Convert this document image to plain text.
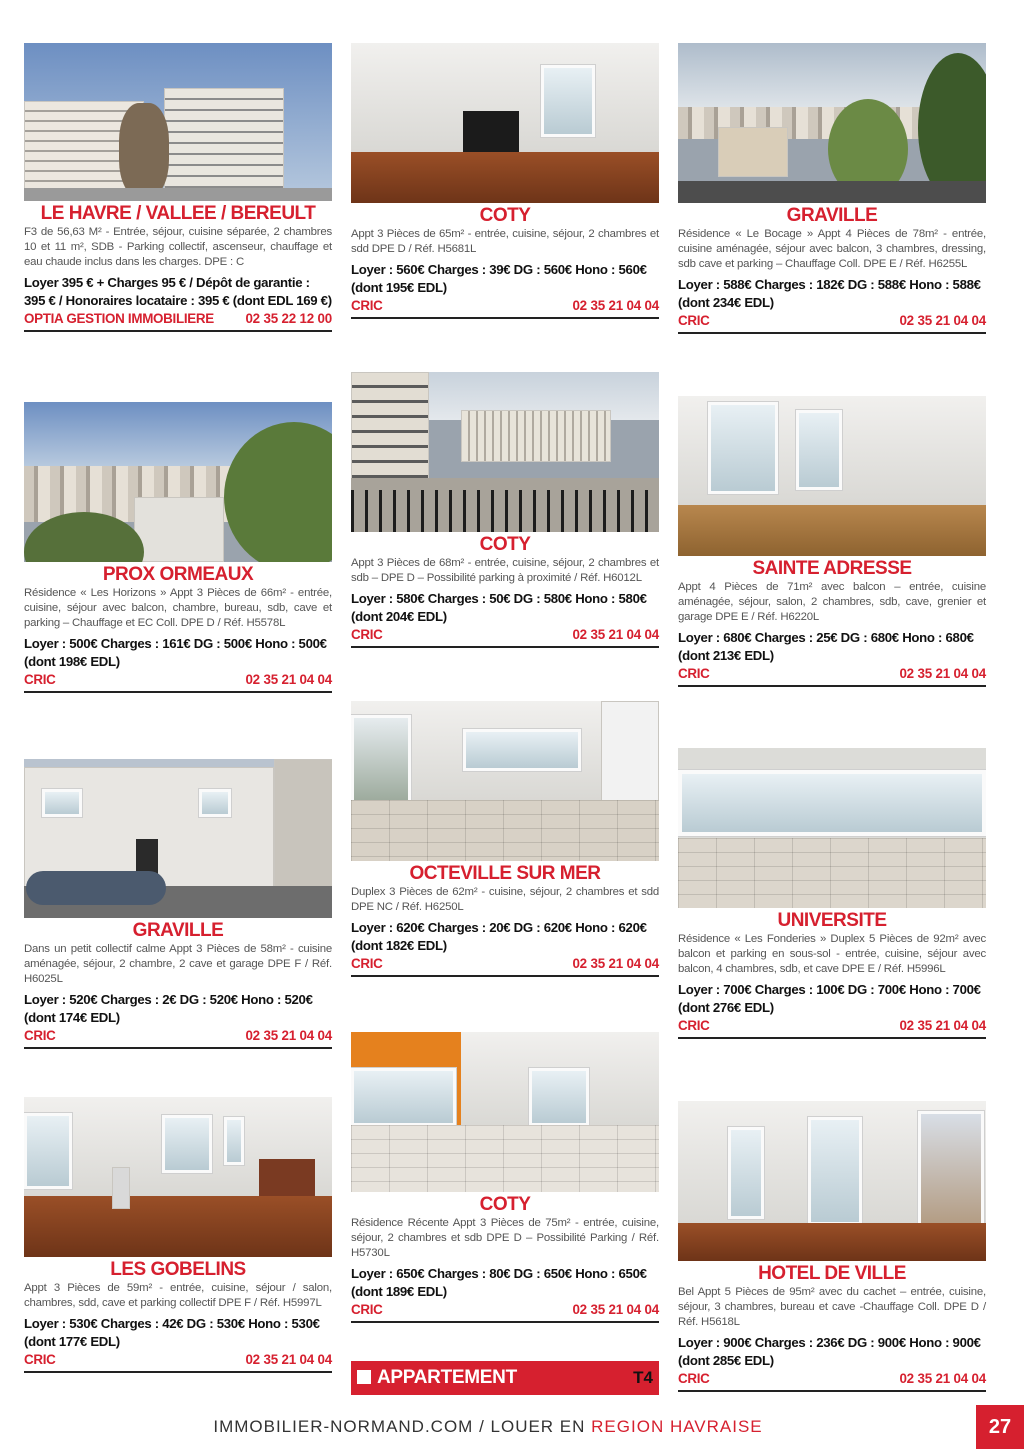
LE HAVRE / VALLEE / BEREULT

F3 de 56,63 M² - Entrée, séjour, cuisine séparée, 2 chambres 10 et 11 m², SDB - Parking collectif, ascenseur, chauffage et eau chaude inclus dans les charges. DPE : C

Loyer 395 € + Charges 95 € / Dépôt de garantie : 395 € / Honoraires locataire : 395 € (dont EDL 169 €)

OPTIA GESTION IMMOBILIERE 02 35 22 12 00
PROX ORMEAUX

Résidence « Les Horizons » Appt 3 Pièces de 66m² - entrée, cuisine, séjour avec balcon, chambre, bureau, sdb, cave et parking – Chauffage et EC Coll. DPE D / Réf. H5578L

Loyer : 500€ Charges : 161€ DG : 500€ Hono : 500€ (dont 198€ EDL)

CRIC	02 35 21 04 04
GRAVILLE

Dans un petit collectif calme Appt 3 Pièces de 58m² - cuisine aménagée, séjour, 2 chambre, 2 cave et garage DPE F / Réf. H6025L

Loyer : 520€ Charges : 2€ DG : 520€ Hono : 520€ (dont 174€ EDL)

CRIC	02 35 21 04 04
LES GOBELINS

Appt 3 Pièces de 59m² - entrée, cuisine, séjour / salon, chambres, sdd, cave et parking collectif DPE F / Réf. H5997L

Loyer : 530€ Charges : 42€ DG : 530€ Hono : 530€ (dont 177€ EDL)

CRIC	02 35 21 04 04
COTY

Appt 3 Pièces de 65m² - entrée, cuisine, séjour, 2 chambres et sdd DPE D / Réf. H5681L

Loyer : 560€ Charges : 39€ DG : 560€ Hono : 560€ (dont 195€ EDL)

CRIC	02 35 21 04 04
COTY

Appt 3 Pièces de 68m² - entrée, cuisine, séjour, 2 chambres et sdb – DPE D – Possibilité parking à proximité / Réf. H6012L

Loyer : 580€ Charges : 50€ DG : 580€ Hono : 580€ (dont 204€ EDL)

CRIC	02 35 21 04 04
OCTEVILLE SUR MER

Duplex 3 Pièces de 62m² - cuisine, séjour, 2 chambres et sdd DPE NC / Réf. H6250L

Loyer : 620€ Charges : 20€ DG : 620€ Hono : 620€ (dont 182€ EDL)

CRIC	02 35 21 04 04
COTY

Résidence Récente Appt 3 Pièces de 75m² - entrée, cuisine, séjour, 2 chambres et sdb DPE D – Possibilité Parking / Réf. H5730L

Loyer : 650€ Charges : 80€ DG : 650€ Hono : 650€ (dont 189€ EDL)

CRIC	02 35 21 04 04
APPARTEMENT	T4
GRAVILLE

Résidence « Le Bocage » Appt 4 Pièces de 78m² - entrée, cuisine aménagée, séjour avec balcon, 3 chambres, dressing, sdb cave et parking – Chauffage Coll. DPE E / Réf. H6255L

Loyer : 588€ Charges : 182€ DG : 588€ Hono : 588€ (dont 234€ EDL)

CRIC	02 35 21 04 04
SAINTE ADRESSE

Appt 4 Pièces de 71m² avec balcon – entrée, cuisine aménagée, séjour, salon, 2 chambres, sdb, cave, grenier et garage DPE E / Réf. H6220L

Loyer : 680€ Charges : 25€ DG : 680€ Hono : 680€ (dont 213€ EDL)

CRIC	02 35 21 04 04
UNIVERSITE

Résidence « Les Fonderies » Duplex 5 Pièces de 92m² avec balcon et parking en sous-sol - entrée, cuisine, séjour avec balcon, 4 chambres, sdb, et cave DPE E / Réf. H5996L

Loyer : 700€ Charges : 100€ DG : 700€ Hono : 700€ (dont 276€ EDL)

CRIC	02 35 21 04 04
HOTEL DE VILLE

Bel Appt 5 Pièces de 95m² avec du cachet – entrée, cuisine, séjour, 3 chambres, bureau et cave -Chauffage Coll. DPE D / Réf. H5618L

Loyer : 900€ Charges : 236€ DG : 900€ Hono : 900€ (dont 285€ EDL)

CRIC	02 35 21 04 04
IMMOBILIER-NORMAND.COM / LOUER EN REGION HAVRAISE	27
